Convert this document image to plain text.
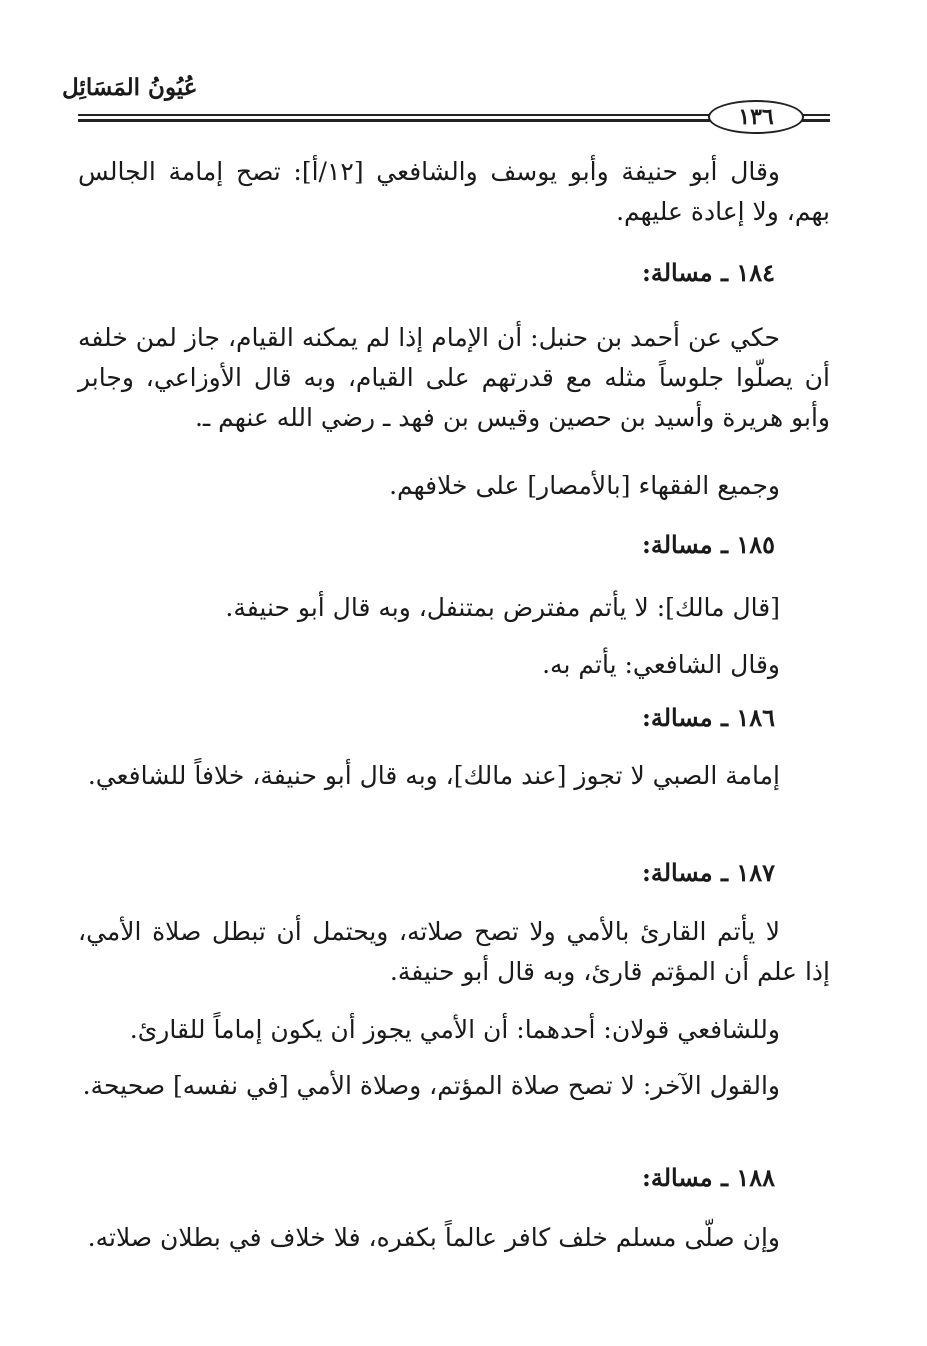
عُيُونُ المَسَائِل
١٣٦

وقال أبو حنيفة وأبو يوسف والشافعي [١٢/أ]: تصح إمامة الجالس بهم، ولا إعادة عليهم.

١٨٤ ـ مسالة:

حكي عن أحمد بن حنبل: أن الإمام إذا لم يمكنه القيام، جاز لمن خلفه أن يصلّوا جلوساً مثله مع قدرتهم على القيام، وبه قال الأوزاعي، وجابر وأبو هريرة وأسيد بن حصين وقيس بن فهد ـ رضي الله عنهم ـ.

وجميع الفقهاء [بالأمصار] على خلافهم.

١٨٥ ـ مسالة:

[قال مالك]: لا يأتم مفترض بمتنفل، وبه قال أبو حنيفة.

وقال الشافعي: يأتم به.

١٨٦ ـ مسالة:

إمامة الصبي لا تجوز [عند مالك]، وبه قال أبو حنيفة، خلافاً للشافعي.

١٨٧ ـ مسالة:

لا يأتم القارئ بالأمي ولا تصح صلاته، ويحتمل أن تبطل صلاة الأمي، إذا علم أن المؤتم قارئ، وبه قال أبو حنيفة.

وللشافعي قولان: أحدهما: أن الأمي يجوز أن يكون إماماً للقارئ.

والقول الآخر: لا تصح صلاة المؤتم، وصلاة الأمي [في نفسه] صحيحة.

١٨٨ ـ مسالة:

وإن صلّى مسلم خلف كافر عالماً بكفره، فلا خلاف في بطلان صلاته.
